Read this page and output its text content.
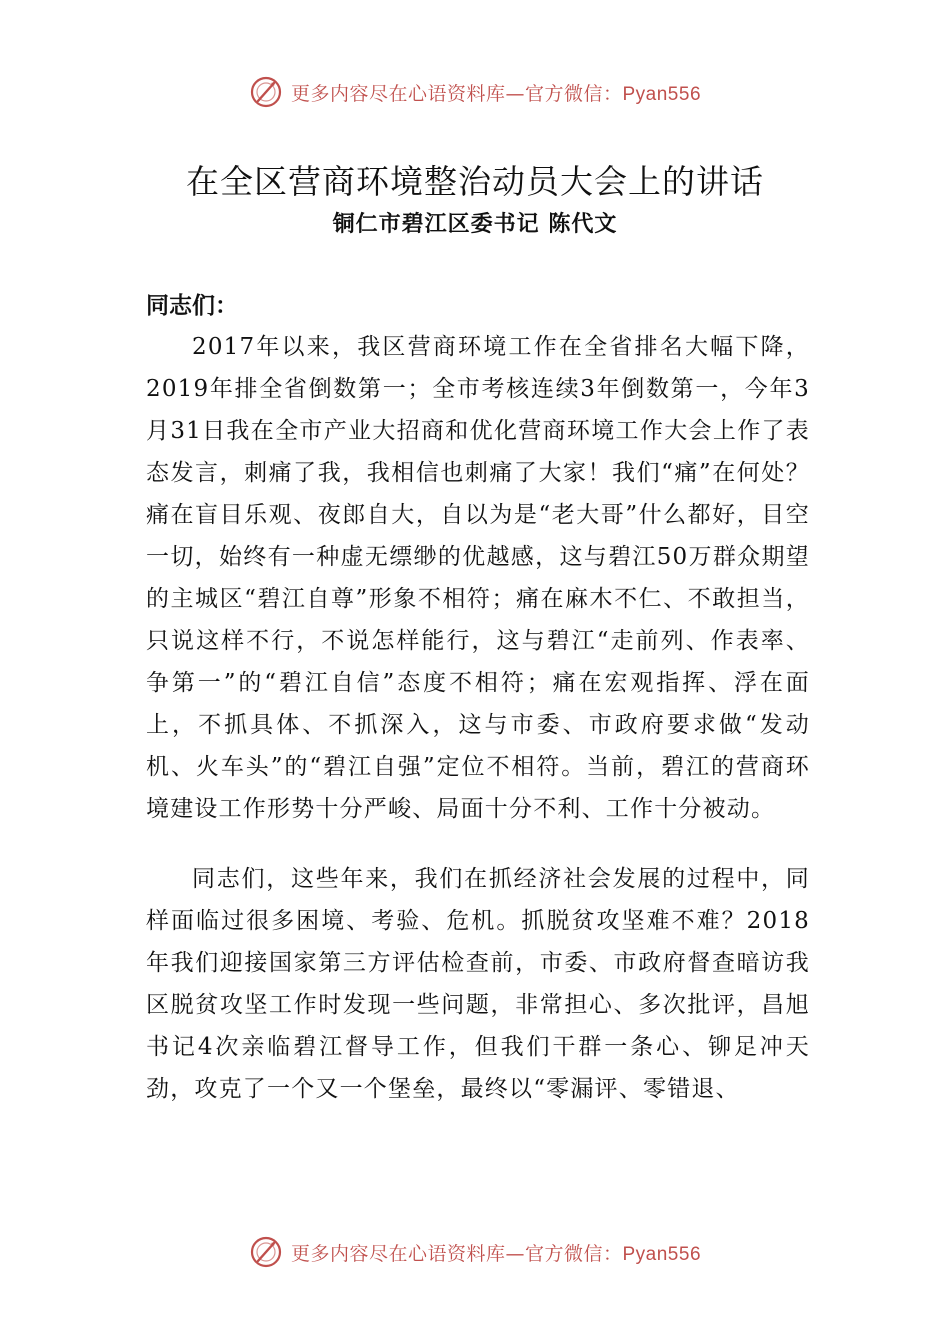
更多内容尽在心语资料库—官方微信：Pyan556
在全区营商环境整治动员大会上的讲话
铜仁市碧江区委书记 陈代文
同志们：

2017年以来，我区营商环境工作在全省排名大幅下降，2019年排全省倒数第一；全市考核连续3年倒数第一，今年3月31日我在全市产业大招商和优化营商环境工作大会上作了表态发言，刺痛了我，我相信也刺痛了大家！我们“痛”在何处？痛在盲目乐观、夜郎自大，自以为是“老大哥”什么都好，目空一切，始终有一种虚无缥缈的优越感，这与碧江50万群众期望的主城区“碧江自尊”形象不相符；痛在麻木不仁、不敢担当，只说这样不行，不说怎样能行，这与碧江“走前列、作表率、争第一”的“碧江自信”态度不相符；痛在宏观指挥、浮在面上，不抓具体、不抓深入，这与市委、市政府要求做“发动机、火车头”的“碧江自强”定位不相符。当前，碧江的营商环境建设工作形势十分严峻、局面十分不利、工作十分被动。

同志们，这些年来，我们在抓经济社会发展的过程中，同样面临过很多困境、考验、危机。抓脱贫攻坚难不难？2018年我们迎接国家第三方评估检查前，市委、市政府督查暗访我区脱贫攻坚工作时发现一些问题，非常担心、多次批评，昌旭书记4次亲临碧江督导工作，但我们干群一条心、铆足冲天劲，攻克了一个又一个堡垒，最终以“零漏评、零错退、

更多内容尽在心语资料库—官方微信：Pyan556
